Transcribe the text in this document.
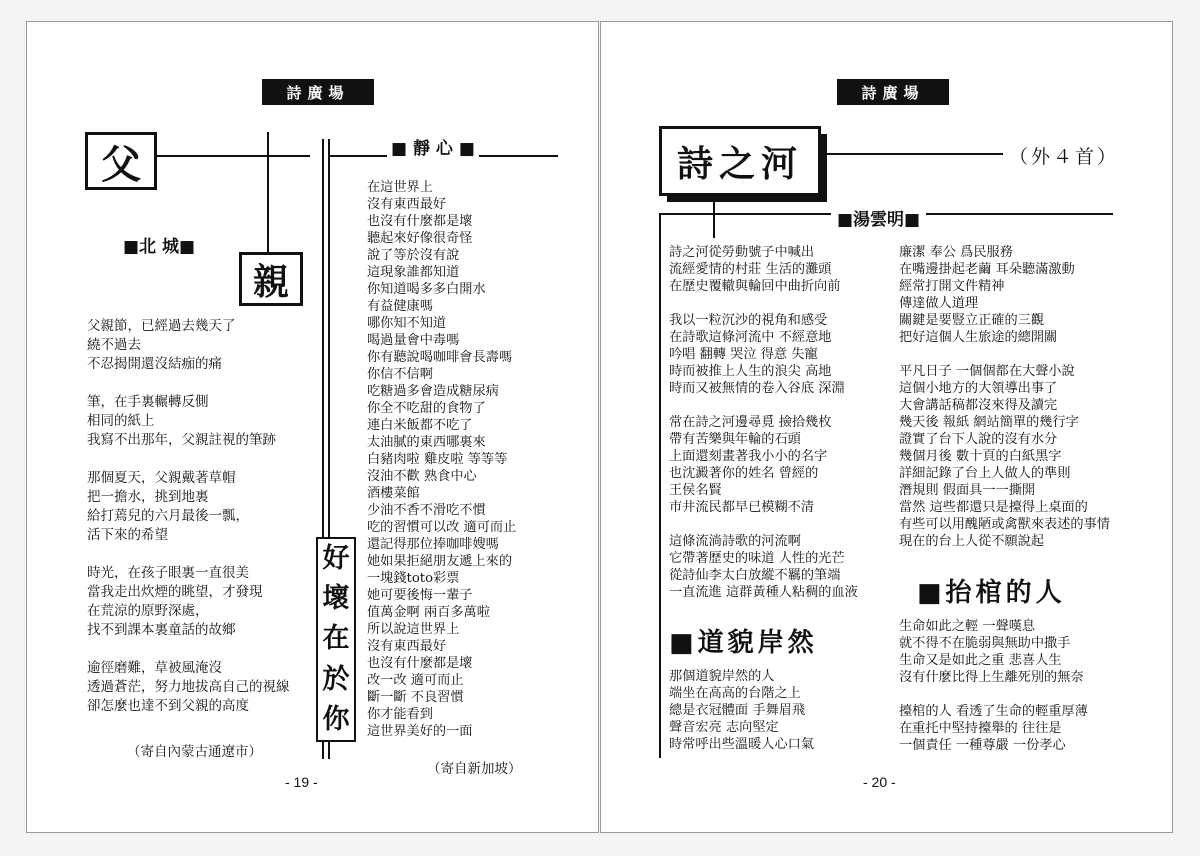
詩廣場
父
親
■北 城■
父親節，已經過去幾天了
繞不過去
不忍揭開還沒結痂的痛
筆，在手裏輾轉反側
相同的紙上
我寫不出那年，父親註視的筆跡
那個夏天，父親戴著草帽
把一擔水，挑到地裏
給打蔫兒的六月最後一瓢，
活下來的希望
時光，在孩子眼裏一直很美
當我走出炊煙的眺望，才發現
在荒涼的原野深處，
找不到課本裏童話的故鄉
逾徑磨難，草被風淹沒
透過蒼茫，努力地拔高自己的視線
卻怎麼也達不到父親的高度
（寄自內蒙古通遼市）
■ 靜 心 ■
在這世界上
沒有東西最好
也沒有什麼都是壞
聽起來好像很奇怪
說了等於沒有說
這現象誰都知道
你知道喝多多白開水
有益健康嗎
哪你知不知道
喝過量會中毒嗎
你有聽說喝咖啡會長壽嗎
你信不信啊
吃糖過多會造成糖尿病
你全不吃甜的食物了
連白米飯都不吃了
太油膩的東西哪裏來
白豬肉啦 雞皮啦 等等等
沒油不歡 熟食中心
酒樓菜館
少油不香不滑吃不慣
吃的習慣可以改 適可而止
還記得那位捧咖啡嫂嗎
她如果拒絕朋友遞上來的
一塊錢toto彩票
她可要後悔一輩子
值萬金啊 兩百多萬啦
所以說這世界上
沒有東西最好
也沒有什麼都是壞
改一改 適可而止
斷一斷 不良習慣
你才能看到
這世界美好的一面
好
壞
在
於
你
（寄自新加坡）
- 19 -
詩廣場
詩之河	（外４首）
■湯雲明■
詩之河從勞動號子中喊出
流經愛情的村莊 生活的灘頭
在歷史覆轍與輪回中曲折向前
我以一粒沉沙的視角和感受
在詩歌這條河流中 不經意地
吟唱 翻轉 哭泣 得意 失寵
時而被推上人生的浪尖 高地
時而又被無情的卷入谷底 深淵
常在詩之河邊尋覓 撿拾幾枚
帶有苦樂與年輪的石頭
上面還刻畫著我小小的名字
也沈澱著你的姓名 曾經的
王侯名賢
市井流民都早已模糊不清
這條流淌詩歌的河流啊
它帶著歷史的味道 人性的光芒
從詩仙李太白放縱不羈的筆端
一直流進 這群黃種人粘稠的血液
■道貌岸然
那個道貌岸然的人
端坐在高高的台階之上
總是衣冠體面 手舞眉飛
聲音宏亮 志向堅定
時常呼出些溫暖人心口氣
廉潔 奉公 爲民服務
在嘴邊掛起老繭 耳朵聽滿激動
經常打開文件精神
傳達做人道理
關鍵是要豎立正確的三觀
把好這個人生旅途的總開關
平凡日子 一個個都在大聲小說
這個小地方的大領導出事了
大會講話稿都沒來得及讀完
幾天後 報紙 網站簡單的幾行字
證實了台下人說的沒有水分
幾個月後 數十頁的白紙黑字
詳細記錄了台上人做人的準則
潛規則 假面具一一撕開
當然 這些都還只是擡得上桌面的
有些可以用醜陋或禽獸來表述的事情
現在的台上人從不願說起
■抬棺的人
生命如此之輕 一聲嘆息
就不得不在脆弱與無助中撒手
生命又是如此之重 悲喜人生
沒有什麼比得上生離死別的無奈
擡棺的人 看透了生命的輕重厚薄
在重托中堅持擡舉的 往往是
一個責任 一種尊嚴 一份孝心
- 20 -
